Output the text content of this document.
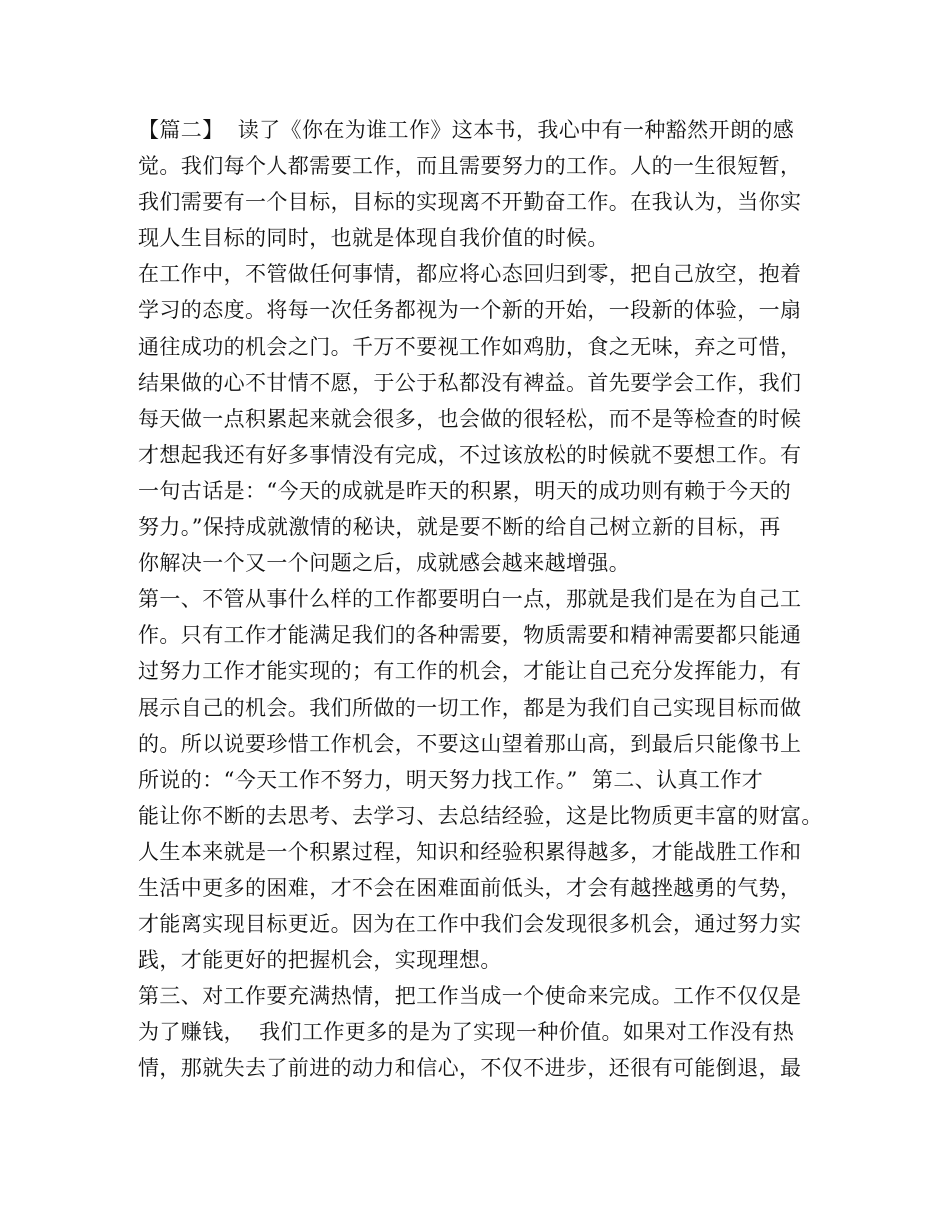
【篇二】  读了《你在为谁工作》这本书，我心中有一种豁然开朗的感
觉。我们每个人都需要工作，而且需要努力的工作。人的一生很短暂，
我们需要有一个目标，目标的实现离不开勤奋工作。在我认为，当你实
现人生目标的同时，也就是体现自我价值的时候。
在工作中，不管做任何事情，都应将心态回归到零，把自己放空，抱着
学习的态度。将每一次任务都视为一个新的开始，一段新的体验，一扇
通往成功的机会之门。千万不要视工作如鸡肋，食之无味，弃之可惜，
结果做的心不甘情不愿，于公于私都没有裨益。首先要学会工作，我们
每天做一点积累起来就会很多，也会做的很轻松，而不是等检查的时候
才想起我还有好多事情没有完成，不过该放松的时候就不要想工作。有
一句古话是：“今天的成就是昨天的积累，明天的成功则有赖于今天的
努力。”保持成就激情的秘诀，就是要不断的给自己树立新的目标，再
你解决一个又一个问题之后，成就感会越来越增强。
第一、不管从事什么样的工作都要明白一点，那就是我们是在为自己工
作。只有工作才能满足我们的各种需要，物质需要和精神需要都只能通
过努力工作才能实现的；有工作的机会，才能让自己充分发挥能力，有
展示自己的机会。我们所做的一切工作，都是为我们自己实现目标而做
的。所以说要珍惜工作机会，不要这山望着那山高，到最后只能像书上
所说的：“今天工作不努力，明天努力找工作。”  第二、认真工作才
能让你不断的去思考、去学习、去总结经验，这是比物质更丰富的财富。
人生本来就是一个积累过程，知识和经验积累得越多，才能战胜工作和
生活中更多的困难，才不会在困难面前低头，才会有越挫越勇的气势，
才能离实现目标更近。因为在工作中我们会发现很多机会，通过努力实
践，才能更好的把握机会，实现理想。
第三、对工作要充满热情，把工作当成一个使命来完成。工作不仅仅是
为了赚钱，  我们工作更多的是为了实现一种价值。如果对工作没有热
情，那就失去了前进的动力和信心，不仅不进步，还很有可能倒退，最
